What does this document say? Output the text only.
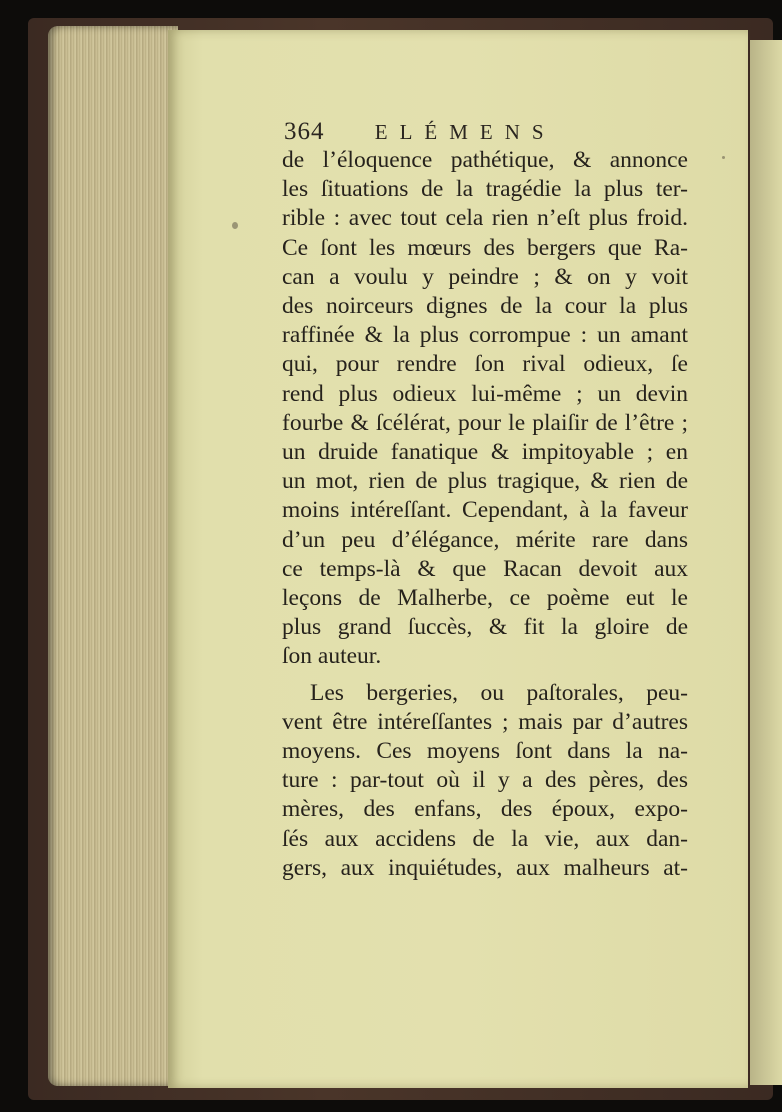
364 ELÉMENS
de l’éloquence pathétique, & annonce
les ſituations de la tragédie la plus ter-
rible : avec tout cela rien n’eſt plus froid.
Ce ſont les mœurs des bergers que Ra-
can a voulu y peindre ; & on y voit
des noirceurs dignes de la cour la plus
raffinée & la plus corrompue : un amant
qui, pour rendre ſon rival odieux, ſe
rend plus odieux lui-même ; un devin
fourbe & ſcélérat, pour le plaiſir de l’être ;
un druide fanatique & impitoyable ; en
un mot, rien de plus tragique, & rien de
moins intéreſſant. Cependant, à la faveur
d’un peu d’élégance, mérite rare dans
ce temps-là & que Racan devoit aux
leçons de Malherbe, ce poème eut le
plus grand ſuccès, & fit la gloire de
ſon auteur.
Les bergeries, ou paſtorales, peu-
vent être intéreſſantes ; mais par d’autres
moyens. Ces moyens ſont dans la na-
ture : par-tout où il y a des pères, des
mères, des enfans, des époux, expo-
ſés aux accidens de la vie, aux dan-
gers, aux inquiétudes, aux malheurs at-
